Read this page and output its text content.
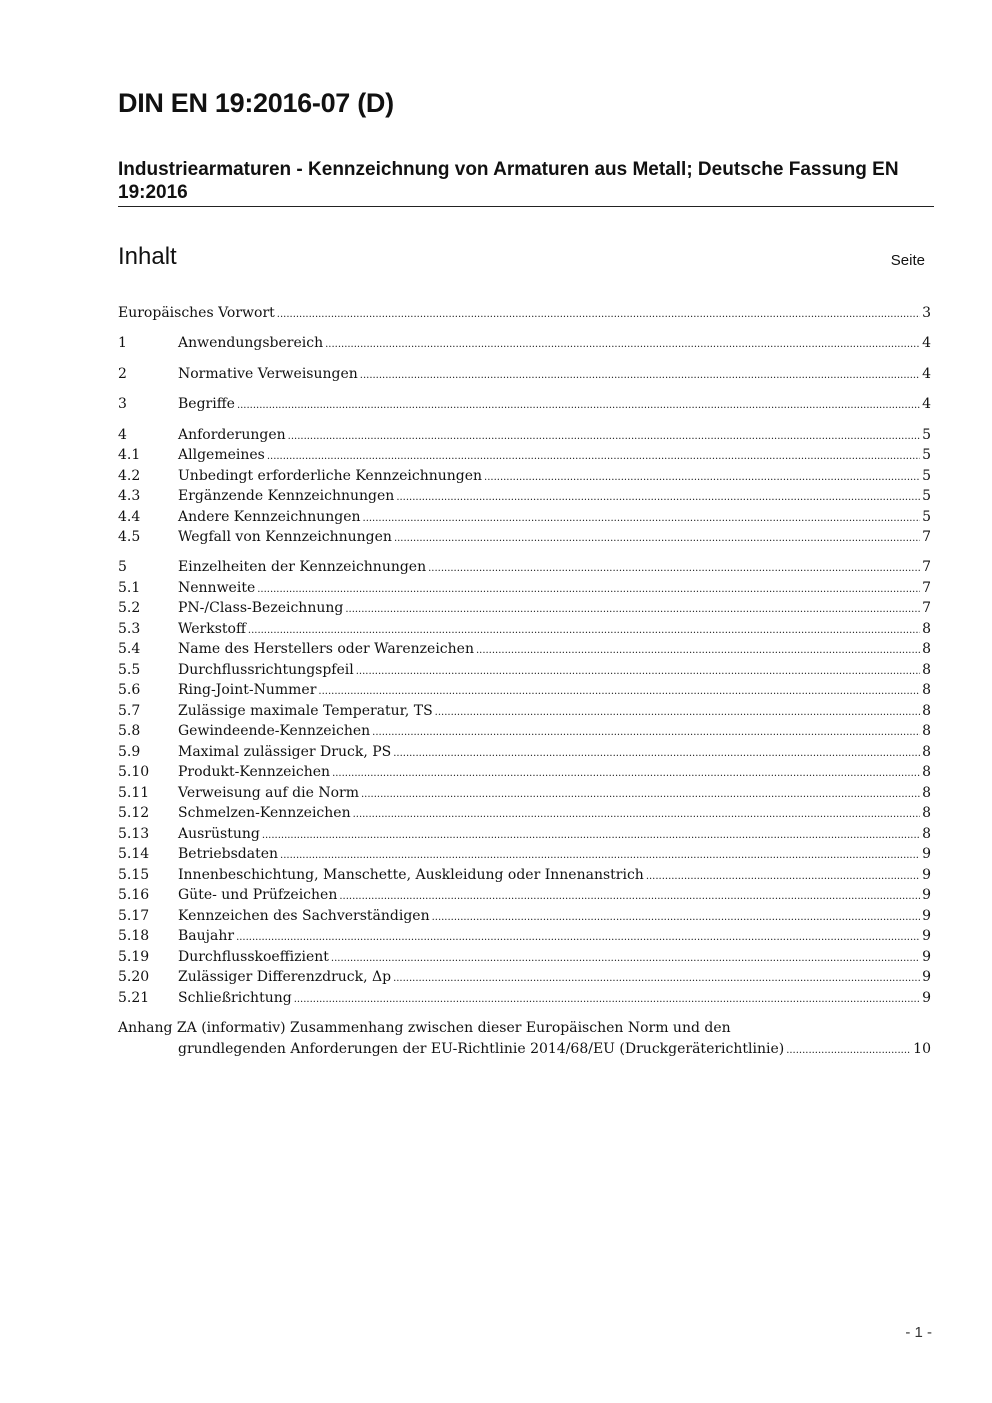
DIN EN 19:2016-07 (D)

Industriearmaturen - Kennzeichnung von Armaturen aus Metall; Deutsche Fassung EN 19:2016

Inhalt	Seite
Europäisches Vorwort .....	3
1	Anwendungsbereich .....	4
2	Normative Verweisungen .....	4
3	Begriffe .....	4
4	Anforderungen .....	5
4.1	Allgemeines .....	5
4.2	Unbedingt erforderliche Kennzeichnungen .....	5
4.3	Ergänzende Kennzeichnungen .....	5
4.4	Andere Kennzeichnungen .....	5
4.5	Wegfall von Kennzeichnungen .....	7
5	Einzelheiten der Kennzeichnungen .....	7
5.1	Nennweite .....	7
5.2	PN-/Class-Bezeichnung .....	7
5.3	Werkstoff .....	8
5.4	Name des Herstellers oder Warenzeichen .....	8
5.5	Durchflussrichtungspfeil .....	8
5.6	Ring-Joint-Nummer .....	8
5.7	Zulässige maximale Temperatur, TS .....	8
5.8	Gewindeende-Kennzeichen .....	8
5.9	Maximal zulässiger Druck, PS .....	8
5.10	Produkt-Kennzeichen .....	8
5.11	Verweisung auf die Norm .....	8
5.12	Schmelzen-Kennzeichen .....	8
5.13	Ausrüstung .....	8
5.14	Betriebsdaten .....	9
5.15	Innenbeschichtung, Manschette, Auskleidung oder Innenanstrich .....	9
5.16	Güte- und Prüfzeichen .....	9
5.17	Kennzeichen des Sachverständigen .....	9
5.18	Baujahr .....	9
5.19	Durchflusskoeffizient .....	9
5.20	Zulässiger Differenzdruck, Δp .....	9
5.21	Schließrichtung .....	9
Anhang ZA (informativ) Zusammenhang zwischen dieser Europäischen Norm und den
grundlegenden Anforderungen der EU-Richtlinie 2014/68/EU (Druckgeräterichtlinie) .....	10
- 1 -
